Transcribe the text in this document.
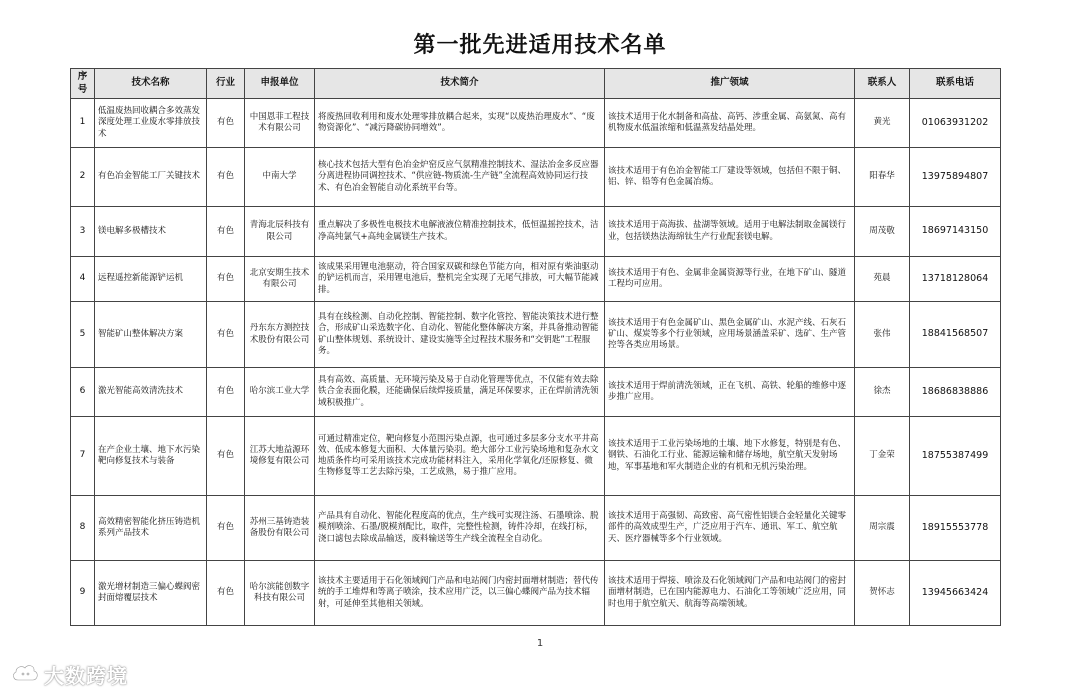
第一批先进适用技术名单
序号	技术名称	行业	申报单位	技术简介	推广领域	联系人	联系电话
1	低温废热回收耦合多效蒸发深度处理工业废水零排放技术	有色	中国恩菲工程技术有限公司	将废热回收利用和废水处理零排放耦合起来，实现“以废热治理废水”、“废物资源化”、“减污降碳协同增效”。	该技术适用于化水制备和高盐、高钙、涉重金属、高氨氮、高有机物废水低温浓缩和低温蒸发结晶处理。	黄光	01063931202
2	有色冶金智能工厂关键技术	有色	中南大学	核心技术包括大型有色冶金炉窑反应气氛精准控制技术、湿法冶金多反应器分离进程协同调控技术、“供应链-物质流-生产链”全流程高效协同运行技术、有色冶金智能自动化系统平台等。	该技术适用于有色冶金智能工厂建设等领域，包括但不限于铜、铝、锌、铅等有色金属冶炼。	阳春华	13975894807
3	镁电解多极槽技术	有色	青海北辰科技有限公司	重点解决了多极性电极技术电解液液位精准控制技术，低恒温摇控技术，洁净高纯氯气+高纯金属镁生产技术。	该技术适用于高海拔、盐湖等领域。适用于电解法制取金属镁行业，包括镁热法海绵钛生产行业配套镁电解。	周茂敬	18697143150
4	远程遥控新能源铲运机	有色	北京安期生技术有限公司	该成果采用锂电池驱动，符合国家双碳和绿色节能方向，相对原有柴油驱动的铲运机而言，采用锂电池后，整机完全实现了无尾气排放，可大幅节能减排。	该技术适用于有色、金属非金属资源等行业，在地下矿山、隧道工程均可应用。	苑晨	13718128064
5	智能矿山整体解决方案	有色	丹东东方测控技术股份有限公司	具有在线检测、自动化控制、智能控制、数字化管控、智能决策技术进行整合，形成矿山采选数字化、自动化、智能化整体解决方案，并具备推动智能矿山整体规划、系统设计、建设实施等全过程技术服务和“交钥匙”工程服务。	该技术适用于有色金属矿山、黑色金属矿山、水泥产线、石灰石矿山、煤炭等多个行业领域，应用场景涵盖采矿、选矿、生产管控等各类应用场景。	张伟	18841568507
6	激光智能高效清洗技术	有色	哈尔滨工业大学	具有高效、高质量、无环境污染及易于自动化管理等优点，不仅能有效去除铁合金表面化膜，还能确保后续焊接质量，满足环保要求，正在焊前清洗领域积极推广。	该技术适用于焊前清洗领域，正在飞机、高铁、轮船的维修中逐步推广应用。	徐杰	18686838886
7	在产企业土壤、地下水污染靶向修复技术与装备	有色	江苏大地益源环境修复有限公司	可通过精准定位，靶向修复小范围污染点源，也可通过多层多分支水平井高效、低成本修复大面积、大体量污染羽。绝大部分工业污染场地和复杂水文地质条件均可采用该技术完成功能材料注入，采用化学氧化/还原修复、微生物修复等工艺去除污染，工艺成熟，易于推广应用。	该技术适用于工业污染场地的土壤、地下水修复，特别是有色、钢铁、石油化工行业、能源运输和储存场地，航空航天发射场地，军事基地和军火制造企业的有机和无机污染治理。	丁金荣	18755387499
8	高效精密智能化挤压铸造机系列产品技术	有色	苏州三基铸造装备股份有限公司	产品具有自动化、智能化程度高的优点，生产线可实现注汤、石墨喷涂、脱模剂喷涂、石墨/脱模剂配比，取件，完整性检测，铸件冷却，在线打标，浇口滤包去除成品输送，废料输送等生产线全流程全自动化。	该技术适用于高强韧、高致密、高气密性铝镁合金轻量化关键零部件的高效成型生产，广泛应用于汽车、通讯、军工、航空航天、医疗器械等多个行业领域。	周宗震	18915553778
9	激光增材制造三偏心蝶阀密封面熔覆层技术	有色	哈尔滨能创数字科技有限公司	该技术主要适用于石化领域阀门产品和电站阀门内密封面增材制造；替代传统的手工堆焊和等离子喷涂，技术应用广泛，以三偏心蝶阀产品为技术辐射，可延伸至其他相关领域。	该技术适用于焊接、喷涂及石化领域阀门产品和电站阀门的密封面增材制造，已在国内能源电力、石油化工等领域广泛应用，同时也用于航空航天、航海等高端领域。	贺怀志	13945663424
1
大数跨境
